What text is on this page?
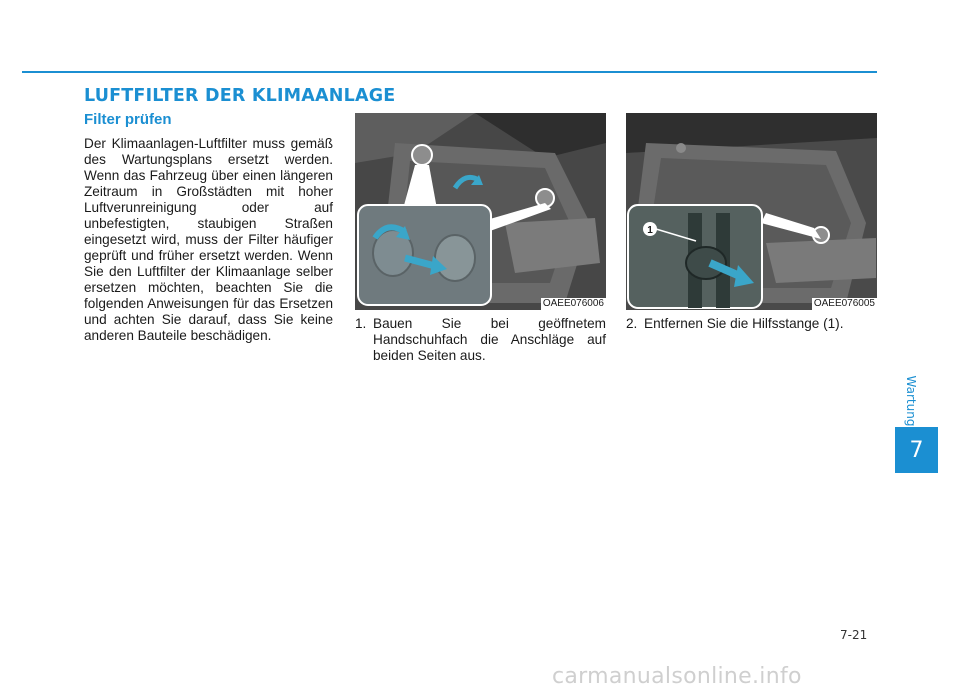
LUFTFILTER DER KLIMAANLAGE
Filter prüfen

Der Klimaanlagen-Luftfilter muss gemäß des Wartungsplans ersetzt werden. Wenn das Fahrzeug über einen längeren Zeitraum in Großstädten mit hoher Luftverunreinigung oder auf unbefestigten, staubigen Straßen eingesetzt wird, muss der Filter häufiger geprüft und früher ersetzt werden. Wenn Sie den Luftfilter der Klimaanlage selber ersetzen möchten, beachten Sie die folgenden Anweisungen für das Ersetzen und achten Sie darauf, dass Sie keine anderen Bauteile beschädigen.

OAEE076006
1
OAEE076005
1. Bauen Sie bei geöffnetem Handschuhfach die Anschläge auf beiden Seiten aus.
2. Entfernen Sie die Hilfsstange (1).
Wartung
7
7-21
carmanualsonline.info
